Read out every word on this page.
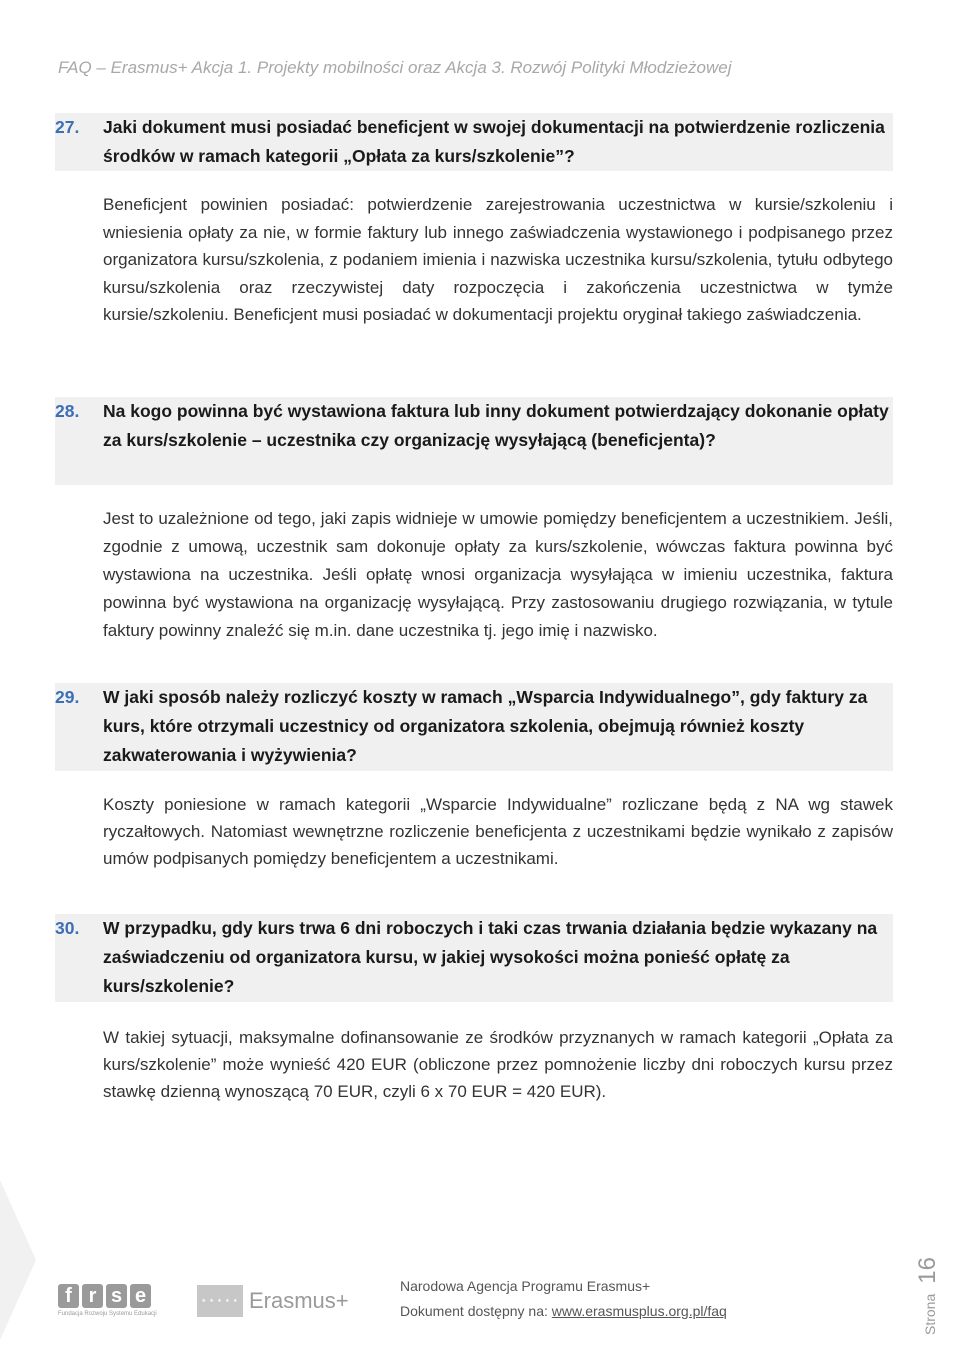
FAQ – Erasmus+ Akcja 1. Projekty mobilności oraz Akcja 3. Rozwój Polityki Młodzieżowej
27.	Jaki dokument musi posiadać beneficjent w swojej dokumentacji na potwierdzenie rozliczenia środków w ramach kategorii „Opłata za kurs/szkolenie”?

Beneficjent powinien posiadać: potwierdzenie zarejestrowania uczestnictwa w kursie/szkoleniu i wniesienia opłaty za nie, w formie faktury lub innego zaświadczenia wystawionego i podpisanego przez organizatora kursu/szkolenia, z podaniem imienia i nazwiska uczestnika kursu/szkolenia, tytułu odbytego kursu/szkolenia oraz rzeczywistej daty rozpoczęcia i zakończenia uczestnictwa w tymże kursie/szkoleniu. Beneficjent musi posiadać w dokumentacji projektu oryginał takiego zaświadczenia.

28.	Na kogo powinna być wystawiona faktura lub inny dokument potwierdzający dokonanie opłaty za kurs/szkolenie – uczestnika czy organizację wysyłającą (beneficjenta)?

Jest to uzależnione od tego, jaki zapis widnieje w umowie pomiędzy beneficjentem a uczestnikiem. Jeśli, zgodnie z umową, uczestnik sam dokonuje opłaty za kurs/szkolenie, wówczas faktura powinna być wystawiona na uczestnika. Jeśli opłatę wnosi organizacja wysyłająca w imieniu uczestnika, faktura powinna być wystawiona na organizację wysyłającą. Przy zastosowaniu drugiego rozwiązania, w tytule faktury powinny znaleźć się m.in. dane uczestnika tj. jego imię i nazwisko.

29.	W jaki sposób należy rozliczyć koszty w ramach „Wsparcia Indywidualnego”, gdy faktury za kurs, które otrzymali uczestnicy od organizatora szkolenia, obejmują również koszty zakwaterowania i wyżywienia?

Koszty poniesione w ramach kategorii „Wsparcie Indywidualne” rozliczane będą z NA wg stawek ryczałtowych. Natomiast wewnętrzne rozliczenie beneficjenta z uczestnikami będzie wynikało z zapisów umów podpisanych pomiędzy beneficjentem a uczestnikami.

30.	W przypadku, gdy kurs trwa 6 dni roboczych i taki czas trwania działania będzie wykazany na zaświadczeniu od organizatora kursu, w jakiej wysokości można ponieść opłatę za kurs/szkolenie?

W takiej sytuacji, maksymalne dofinansowanie ze środków przyznanych w ramach kategorii „Opłata za kurs/szkolenie” może wynieść 420 EUR (obliczone przez pomnożenie liczby dni roboczych kursu przez stawkę dzienną wynoszącą 70 EUR, czyli 6 x 70 EUR = 420 EUR).

f r s e
Fundacja Rozwoju Systemu Edukacji
★ ★ ★ ★ ★ Erasmus+
Narodowa Agencja Programu Erasmus+
Dokument dostępny na: www.erasmusplus.org.pl/faq	Strona
16
